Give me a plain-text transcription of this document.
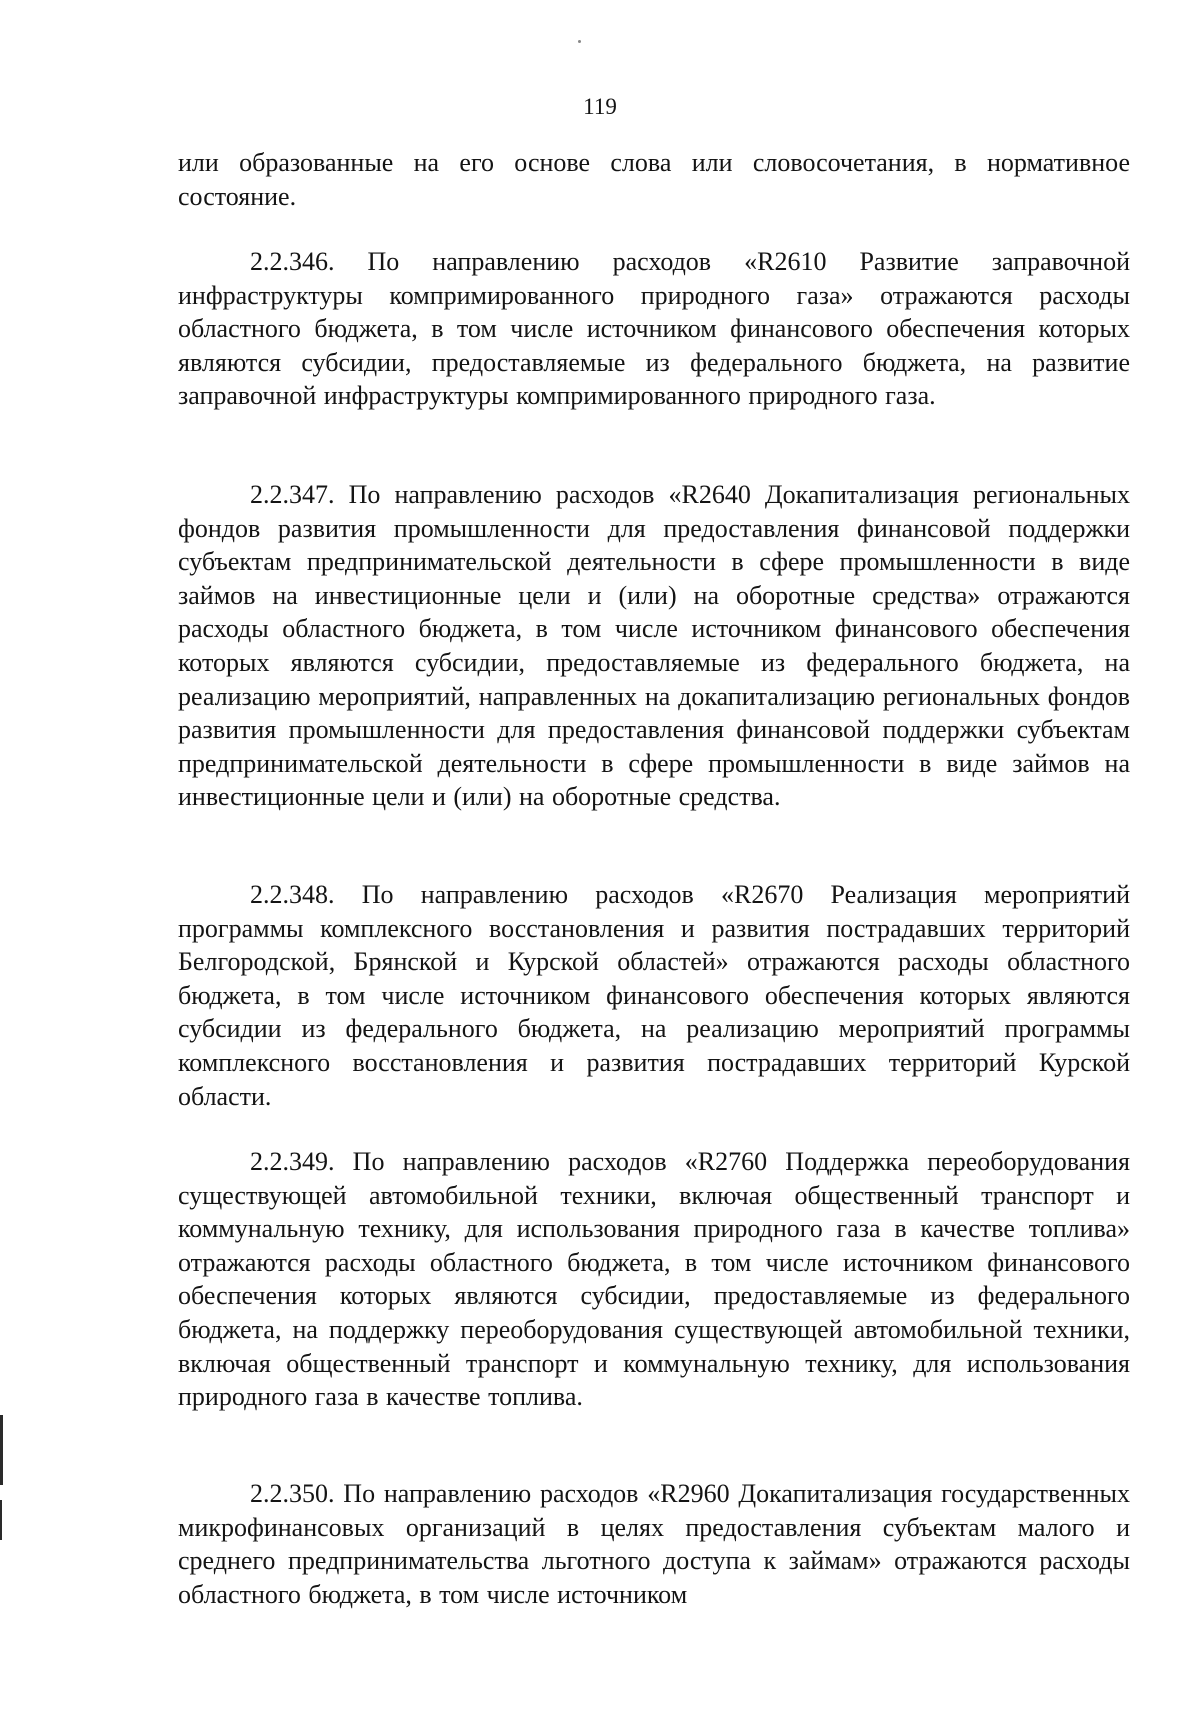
119

или образованные на его основе слова или словосочетания, в нормативное состояние.

2.2.346. По направлению расходов «R2610 Развитие заправочной инфраструктуры компримированного природного газа» отражаются расходы областного бюджета, в том числе источником финансового обеспечения которых являются субсидии, предоставляемые из федерального бюджета, на развитие заправочной инфраструктуры компримированного природного газа.

2.2.347. По направлению расходов «R2640 Докапитализация региональных фондов развития промышленности для предоставления финансовой поддержки субъектам предпринимательской деятельности в сфере промышленности в виде займов на инвестиционные цели и (или) на оборотные средства» отражаются расходы областного бюджета, в том числе источником финансового обеспечения которых являются субсидии, предоставляемые из федерального бюджета, на реализацию мероприятий, направленных на докапитализацию региональных фондов развития промышленности для предоставления финансовой поддержки субъектам предпринимательской деятельности в сфере промышленности в виде займов на инвестиционные цели и (или) на оборотные средства.

2.2.348. По направлению расходов «R2670 Реализация мероприятий программы комплексного восстановления и развития пострадавших территорий Белгородской, Брянской и Курской областей» отражаются расходы областного бюджета, в том числе источником финансового обеспечения которых являются субсидии из федерального бюджета, на реализацию мероприятий программы комплексного восстановления и развития пострадавших территорий Курской области.

2.2.349. По направлению расходов «R2760 Поддержка переоборудования существующей автомобильной техники, включая общественный транспорт и коммунальную технику, для использования природного газа в качестве топлива» отражаются расходы областного бюджета, в том числе источником финансового обеспечения которых являются субсидии, предоставляемые из федерального бюджета, на поддержку переоборудования существующей автомобильной техники, включая общественный транспорт и коммунальную технику, для использования природного газа в качестве топлива.

2.2.350. По направлению расходов «R2960 Докапитализация государственных микрофинансовых организаций в целях предоставления субъектам малого и среднего предпринимательства льготного доступа к займам» отражаются расходы областного бюджета, в том числе источником
